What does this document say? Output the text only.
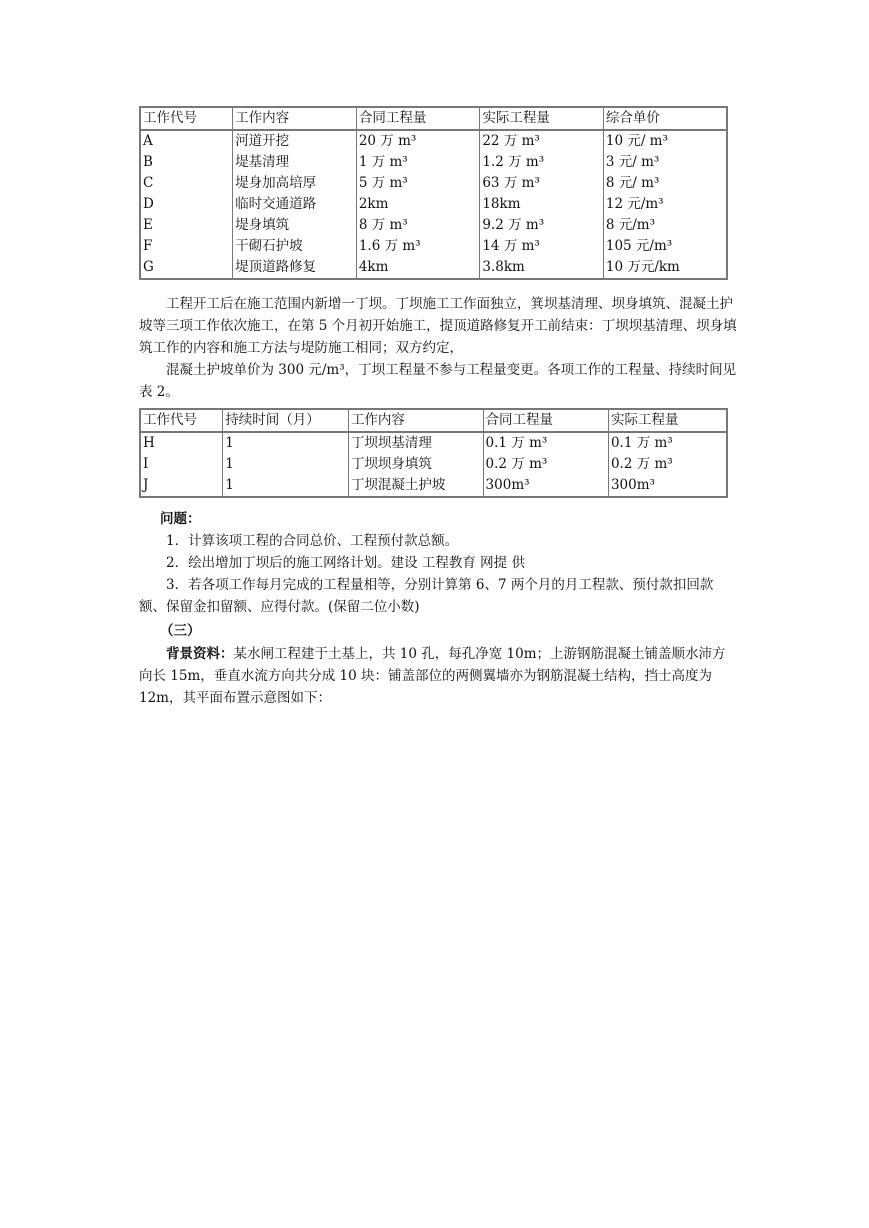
工作代号	工作内容	合同工程量	实际工程量	综合单价
A	河道开挖	20 万 m³	22 万 m³	10 元/ m³
B	堤基清理	1 万 m³	1.2 万 m³	3 元/ m³
C	堤身加高培厚	5 万 m³	63 万 m³	8 元/ m³
D	临时交通道路	2km	18km	12 元/m³
E	堤身填筑	8 万 m³	9.2 万 m³	8 元/m³
F	干砌石护坡	1.6 万 m³	14 万 m³	105 元/m³
G	堤顶道路修复	4km	3.8km	10 万元/km
工程开工后在施工范围内新增一丁坝。丁坝施工工作面独立，箕坝基清理、坝身填筑、混凝土护坡等三项工作依次施工，在第 5 个月初开始施工，提顶道路修复开工前结束：丁坝坝基清理、坝身填筑工作的内容和施工方法与堤防施工相同；双方约定，
混凝土护坡单价为 300 元/m³，丁坝工程量不参与工程量变更。各项工作的工程量、持续时间见表 2。
工作代号	持续时间（月）	工作内容	合同工程量	实际工程量
H	1	丁坝坝基清理	0.1 万 m³	0.1 万 m³
I	1	丁坝坝身填筑	0.2 万 m³	0.2 万 m³
J	1	丁坝混凝土护坡	300m³	300m³
问题：
1．计算该项工程的合同总价、工程预付款总额。
2．绘出增加丁坝后的施工网络计划。建设 工程教育 网提 供
3．若各项工作每月完成的工程量相等，分别计算第 6、7 两个月的月工程款、预付款扣回款额、保留金扣留额、应得付款。(保留二位小数)
（三）
背景资料：某水闸工程建于土基上，共 10 孔，每孔净宽 10m；上游钢筋混凝土铺盖顺水沛方向长 15m，垂直水流方向共分成 10 块：铺盖部位的两侧翼墙亦为钢筋混凝土结构，挡士高度为 12m，其平面布置示意图如下：
